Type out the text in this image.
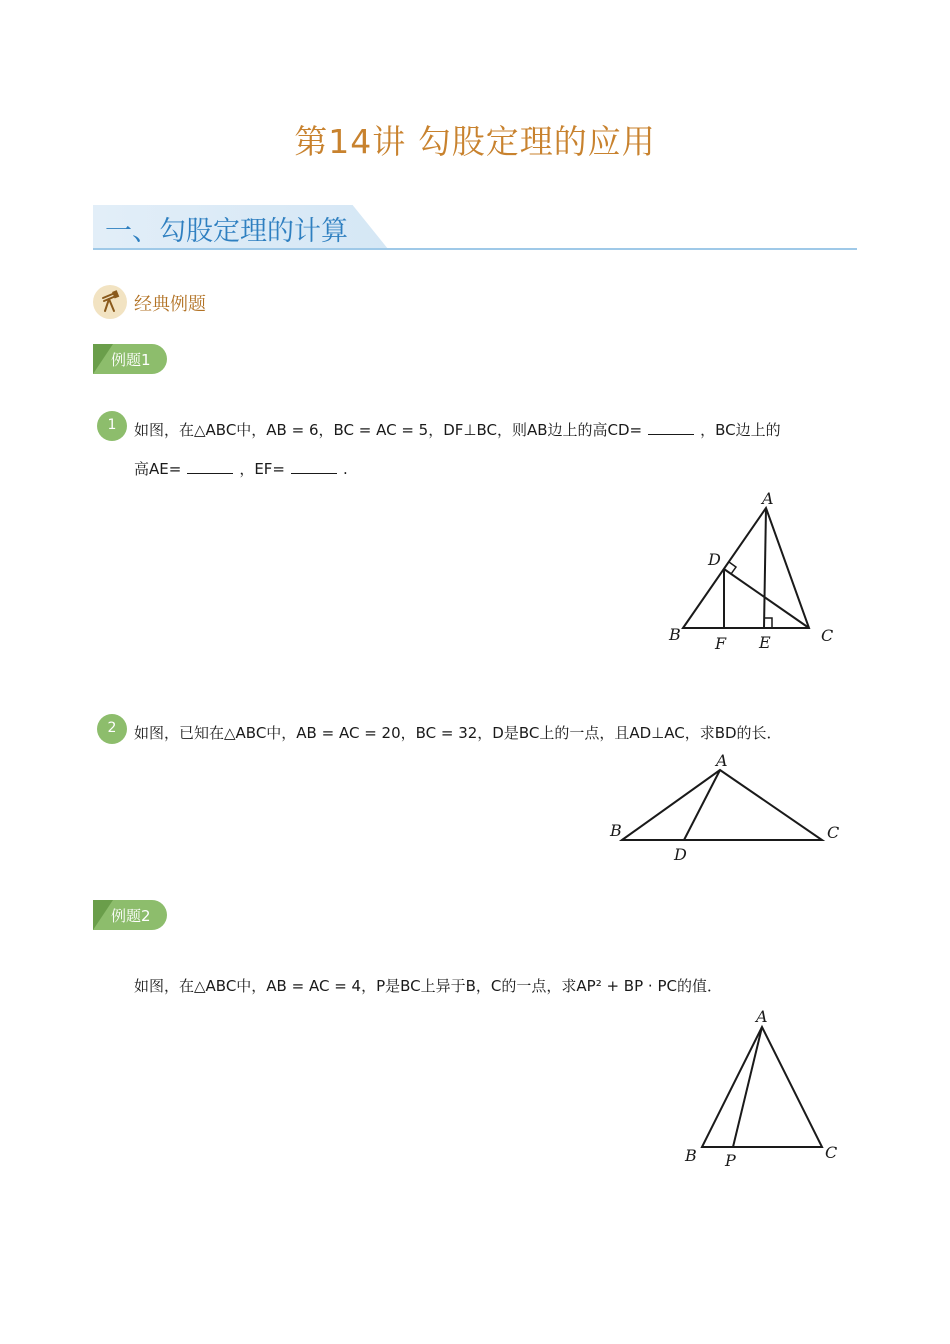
第14讲 勾股定理的应用
一、勾股定理的计算
经典例题
例题1
1	如图，在△ABC中，AB = 6，BC = AC = 5，DF⊥BC，则AB边上的高CD=	，BC边上的
高AE=	，EF=	.
A
B	C
D
E
F
2	如图，已知在△ABC中，AB = AC = 20，BC = 32，D是BC上的一点，且AD⊥AC，求BD的长．
A
B	C
D
例题2
如图，在△ABC中，AB = AC = 4，P是BC上异于B，C的一点，求AP² + BP · PC的值．
A
B	C
P
